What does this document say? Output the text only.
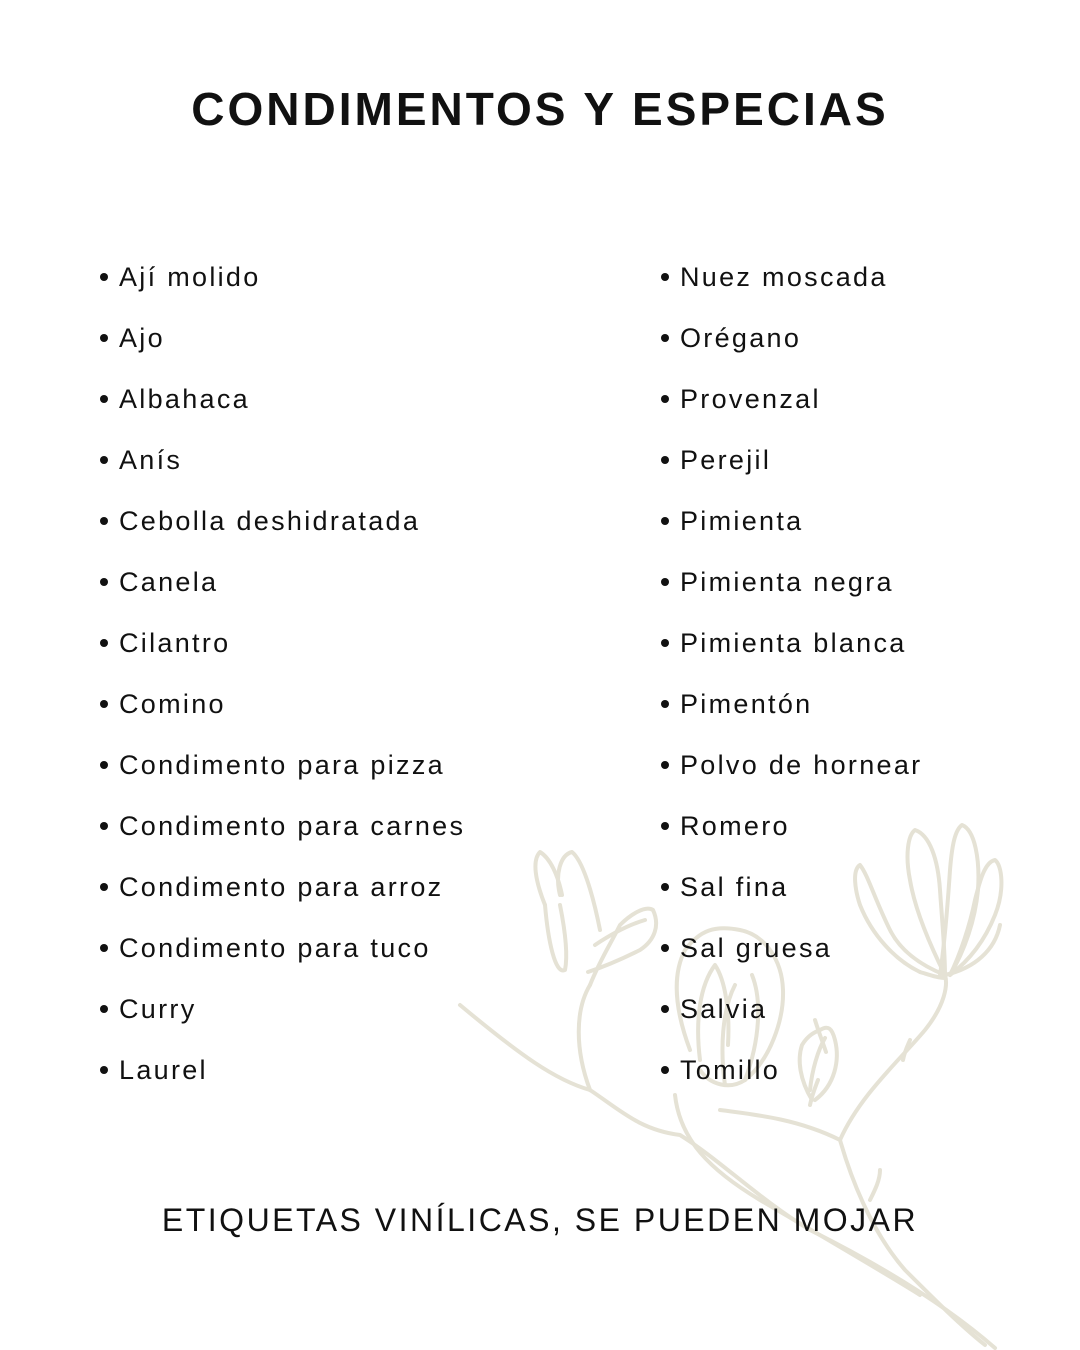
CONDIMENTOS Y ESPECIAS
Ají molido
Ajo
Albahaca
Anís
Cebolla deshidratada
Canela
Cilantro
Comino
Condimento para pizza
Condimento para carnes
Condimento para arroz
Condimento para tuco
Curry
Laurel
Nuez moscada
Orégano
Provenzal
Perejil
Pimienta
Pimienta negra
Pimienta blanca
Pimentón
Polvo de hornear
Romero
Sal fina
Sal gruesa
Salvia
Tomillo

ETIQUETAS VINÍLICAS, SE PUEDEN MOJAR
